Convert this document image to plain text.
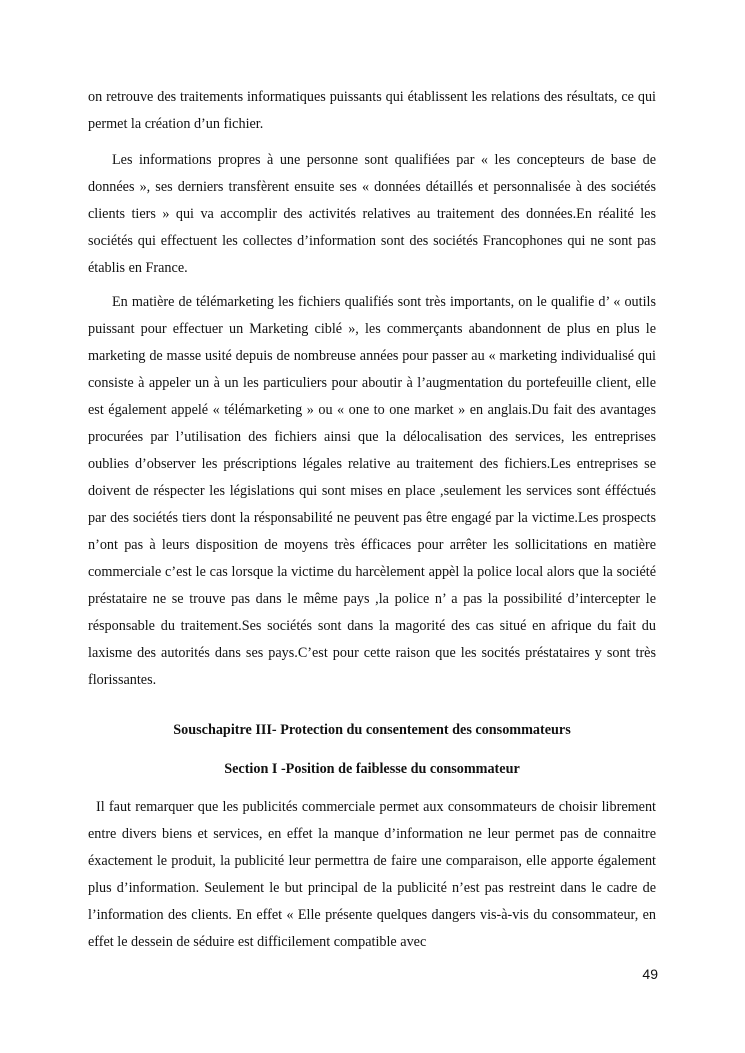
on retrouve des traitements informatiques puissants qui établissent les relations des résultats, ce qui permet la création d’un fichier.

Les informations propres à une personne sont qualifiées par « les concepteurs de base de données », ses derniers transfèrent ensuite ses « données détaillés et personnalisée à des sociétés clients tiers » qui va accomplir des activités relatives au traitement des données.En réalité les sociétés qui effectuent les collectes d’information sont des sociétés Francophones qui ne sont pas établis en France.

En matière de télémarketing les fichiers qualifiés sont très importants, on le qualifie d’ « outils puissant pour effectuer un Marketing ciblé », les commerçants abandonnent de plus en plus le marketing de masse usité depuis de nombreuse années pour passer au « marketing individualisé qui consiste à appeler un à un les particuliers pour aboutir à l’augmentation du portefeuille client, elle est également appelé « télémarketing » ou « one to one market » en anglais.Du fait des avantages procurées par l’utilisation des fichiers ainsi que la délocalisation des services, les entreprises oublies d’observer les préscriptions légales relative au traitement des fichiers.Les entreprises se doivent de réspecter les législations qui sont mises en place ,seulement les services sont éfféctués par des sociétés tiers dont la résponsabilité ne peuvent pas être engagé par la victime.Les prospects n’ont pas à leurs disposition de moyens très éfficaces pour arrêter les sollicitations en matière commerciale c’est le cas lorsque la victime du harcèlement appèl la police local alors que la société préstataire ne se trouve pas dans le même pays ,la police n’ a pas la possibilité d’intercepter le résponsable du traitement.Ses sociétés sont dans la magorité des cas situé en afrique du fait du laxisme des autorités dans ses pays.C’est pour cette raison que les socités préstataires y sont très florissantes.

Souschapitre III- Protection du consentement des consommateurs
Section I -Position de faiblesse du consommateur

Il faut remarquer que les publicités commerciale permet aux consommateurs de choisir librement entre divers biens et services, en effet la manque d’information ne leur permet pas de connaitre éxactement le produit, la publicité leur permettra de faire une comparaison, elle apporte également plus d’information. Seulement le but principal de la publicité n’est pas restreint dans le cadre de l’information des clients. En effet « Elle présente quelques dangers vis-à-vis du consommateur, en effet le dessein de séduire est difficilement compatible avec

49
